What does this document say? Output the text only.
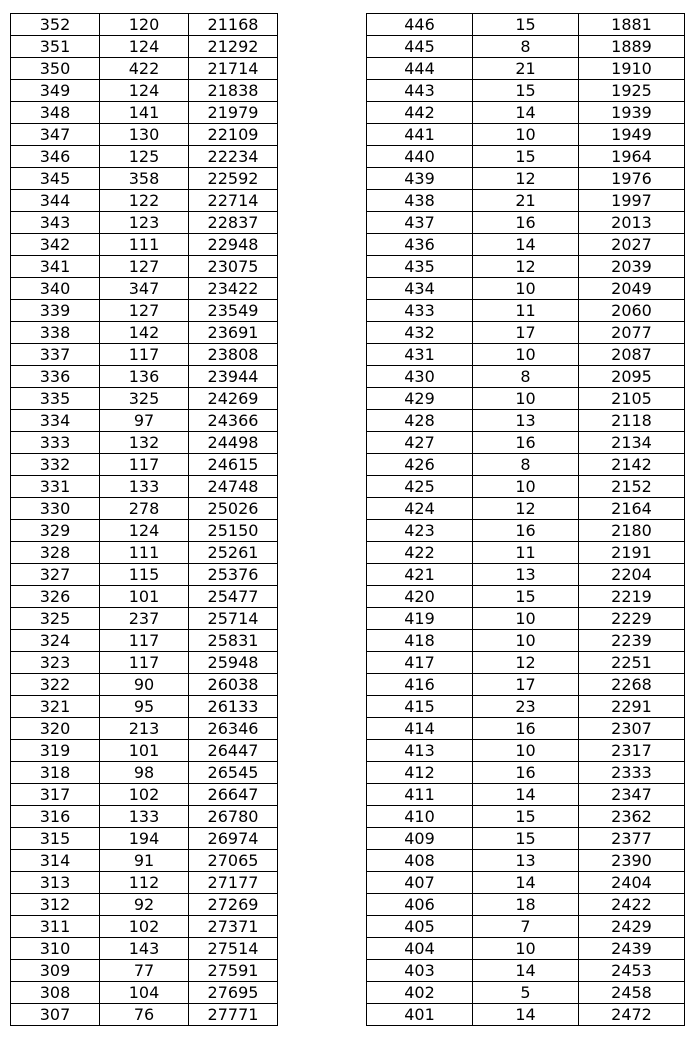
352	120	21168
351	124	21292
350	422	21714
349	124	21838
348	141	21979
347	130	22109
346	125	22234
345	358	22592
344	122	22714
343	123	22837
342	111	22948
341	127	23075
340	347	23422
339	127	23549
338	142	23691
337	117	23808
336	136	23944
335	325	24269
334	97	24366
333	132	24498
332	117	24615
331	133	24748
330	278	25026
329	124	25150
328	111	25261
327	115	25376
326	101	25477
325	237	25714
324	117	25831
323	117	25948
322	90	26038
321	95	26133
320	213	26346
319	101	26447
318	98	26545
317	102	26647
316	133	26780
315	194	26974
314	91	27065
313	112	27177
312	92	27269
311	102	27371
310	143	27514
309	77	27591
308	104	27695
307	76	27771
446	15	1881
445	8	1889
444	21	1910
443	15	1925
442	14	1939
441	10	1949
440	15	1964
439	12	1976
438	21	1997
437	16	2013
436	14	2027
435	12	2039
434	10	2049
433	11	2060
432	17	2077
431	10	2087
430	8	2095
429	10	2105
428	13	2118
427	16	2134
426	8	2142
425	10	2152
424	12	2164
423	16	2180
422	11	2191
421	13	2204
420	15	2219
419	10	2229
418	10	2239
417	12	2251
416	17	2268
415	23	2291
414	16	2307
413	10	2317
412	16	2333
411	14	2347
410	15	2362
409	15	2377
408	13	2390
407	14	2404
406	18	2422
405	7	2429
404	10	2439
403	14	2453
402	5	2458
401	14	2472
